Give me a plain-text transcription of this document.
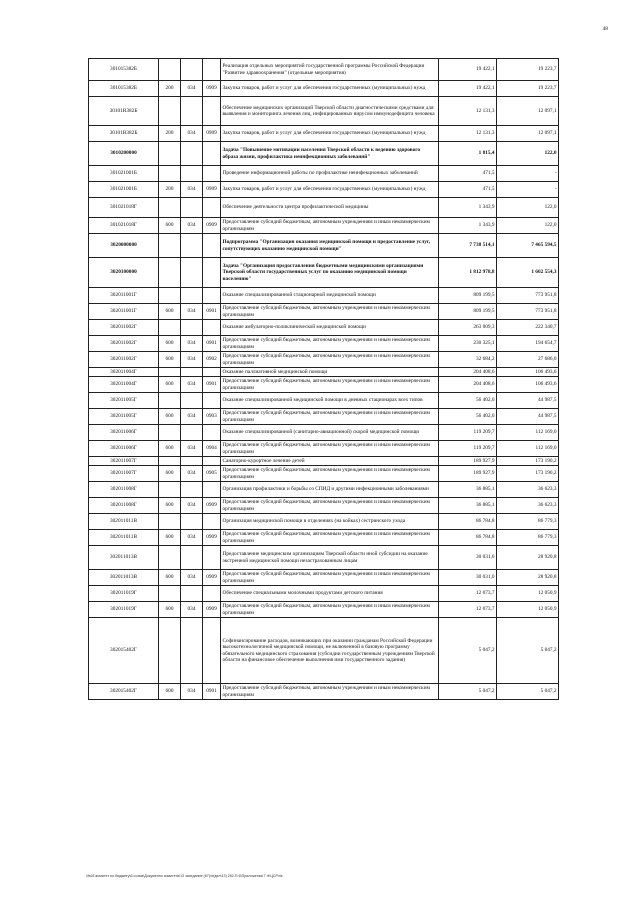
48
301015382Б				Реализация отдельных мероприятий государственной программы Российской Федерации "Развитие здравоохранения" (отдельные мероприятия)	19 422,1	19 223,7
301015382Б	200	034	0909	Закупка товаров, работ и услуг для обеспечения государственных (муниципальных) нужд	19 422,1	19 223,7
30101R382Б				Обеспечение медицинских организаций Тверской области диагностическими средствами для выявления и мониторинга лечения лиц, инфицированных вирусом иммунодефицита человека	12 131,3	12 097,1
30101R382Б	200	034	0909	Закупка товаров, работ и услуг для обеспечения государственных (муниципальных) нужд	12 131,3	12 097,1
3010200000				Задача "Повышение мотивации населения Тверской области к ведению здорового образа жизни, профилактика неинфекционных заболеваний"	1 815,4	122,0
301021001Б				Проведение информационной работы по профилактике неинфекционных заболеваний	471,5	-
301021001Б	200	034	0909	Закупка товаров, работ и услуг для обеспечения государственных (муниципальных) нужд	471,5	-
301021018Г				Обеспечение деятельности центра профилактической медицины	1 343,9	122,0
301021018Г	600	034	0909	Предоставление субсидий бюджетным, автономным учреждениям и иным некоммерческим организациям	1 343,9	122,0
3020000000				Подпрограмма "Организация оказания медицинской помощи и предоставление услуг, сопутствующих оказанию медицинской помощи"	7 738 514,1	7 465 594,5
3020100000				Задача "Организация предоставления бюджетными медицинскими организациями Тверской области государственных услуг по оказанию медицинской помощи населению"	1 812 978,8	1 602 554,3
302011001Г				Оказание специализированной стационарной медицинской помощи	809 199,5	773 951,8
302011001Г	600	034	0901	Предоставление субсидий бюджетным, автономным учреждениям и иным некоммерческим организациям	809 199,5	773 951,8
302011002Г				Оказание амбулаторно-поликлинической медицинской помощи	263 009,3	222 340,7
302011002Г	600	034	0901	Предоставление субсидий бюджетным, автономным учреждениям и иным некоммерческим организациям	230 325,1	194 654,7
302011002Г	600	034	0902	Предоставление субсидий бюджетным, автономным учреждениям и иным некоммерческим организациям	32 684,2	27 686,0
302011004Г				Оказание паллиативной медицинской помощи	204 408,6	106 493,6
302011004Г	600	034	0901	Предоставление субсидий бюджетным, автономным учреждениям и иным некоммерческим организациям	204 408,6	106 493,6
302011005Г				Оказание специализированной медицинской помощи в дневных стационарах всех типов	56 402,0	44 987,5
302011005Г	600	034	0903	Предоставление субсидий бюджетным, автономным учреждениям и иным некоммерческим организациям	56 402,0	44 987,5
302011006Г				Оказание специализированной (санитарно-авиационной) скорой медицинской помощи	119 209,7	112 169,0
302011006Г	600	034	0904	Предоставление субсидий бюджетным, автономным учреждениям и иным некоммерческим организациям	119 209,7	112 169,0
302011007Г				Санаторно-курортное лечение детей	189 927,9	173 190,2
302011007Г	600	034	0905	Предоставление субсидий бюджетным, автономным учреждениям и иным некоммерческим организациям	189 927,9	173 190,2
302011008Г				Организация профилактики и борьбы со СПИД и другими инфекционными заболеваниями	36 885,1	36 623,3
302011008Г	600	034	0909	Предоставление субсидий бюджетным, автономным учреждениям и иным некоммерческим организациям	36 885,1	36 623,3
302011011В				Организация медицинской помощи в отделениях (на койках) сестринского ухода	86 784,8	86 779,3
302011011В	600	034	0909	Предоставление субсидий бюджетным, автономным учреждениям и иным некоммерческим организациям	86 784,8	86 779,3
302011013В				Предоставление медицинским организациям Тверской области иной субсидии на оказание экстренной медицинской помощи незастрахованным лицам	30 031,0	28 920,8
302011013В	600	034	0909	Предоставление субсидий бюджетным, автономным учреждениям и иным некоммерческим организациям	30 031,0	28 920,8
302011019Г				Обеспечение специальными молочными продуктами детского питания	12 073,7	12 050,9
302011019Г	600	034	0909	Предоставление субсидий бюджетным, автономным учреждениям и иным некоммерческим организациям	12 073,7	12 050,9
302015402Г				Софинансирование расходов, возникающих при оказании гражданам Российской Федерации высокотехнологичной медицинской помощи, не включенной в базовую программу обязательного медицинского страхования (субсидии государственным учреждениям Тверской области на финансовое обеспечение выполнения ими государственного задания)	5 047,2	5 047,2
302015402Г	600	034	0901	Предоставление субсидий бюджетным, автономным учреждениям и иным некоммерческим организациям	5 047,2	5 047,2
\\fs01\комитет по бюджету\6 созыв\Документы комитета\13 заседание (67)\отдел\13) 282-П-6\Приложения 7 Н\ЦСР.xls
